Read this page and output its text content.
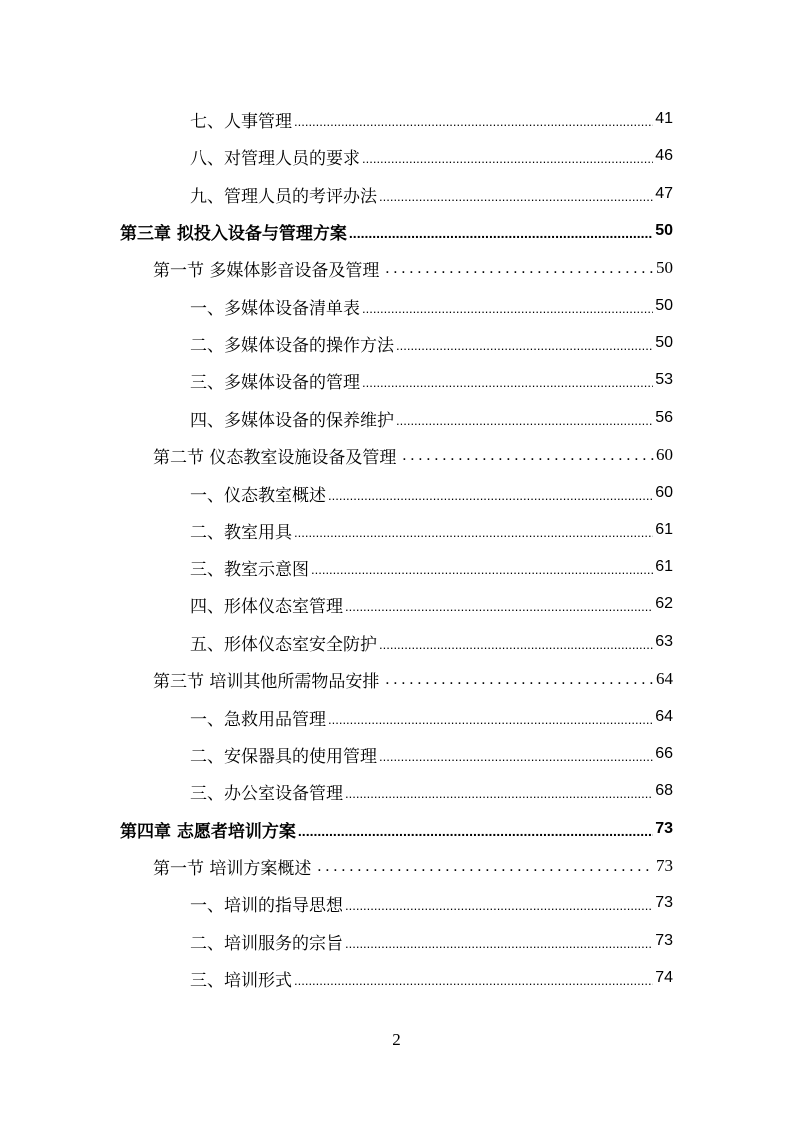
七、人事管理 .....	41
八、对管理人员的要求 .....	46
九、管理人员的考评办法 .....	47
第三章 拟投入设备与管理方案 .....	50
第一节 多媒体影音设备及管理 . . .	50
一、多媒体设备清单表 .....	50
二、多媒体设备的操作方法 .....	50
三、多媒体设备的管理 .....	53
四、多媒体设备的保养维护 .....	56
第二节 仪态教室设施设备及管理 . . .	60
一、仪态教室概述 .....	60
二、教室用具 .....	61
三、教室示意图 .....	61
四、形体仪态室管理 .....	62
五、形体仪态室安全防护 .....	63
第三节 培训其他所需物品安排 . . .	64
一、急救用品管理 .....	64
二、安保器具的使用管理 .....	66
三、办公室设备管理 .....	68
第四章 志愿者培训方案 .....	73
第一节 培训方案概述 . . .	73
一、培训的指导思想 .....	73
二、培训服务的宗旨 .....	73
三、培训形式 .....	74
2
